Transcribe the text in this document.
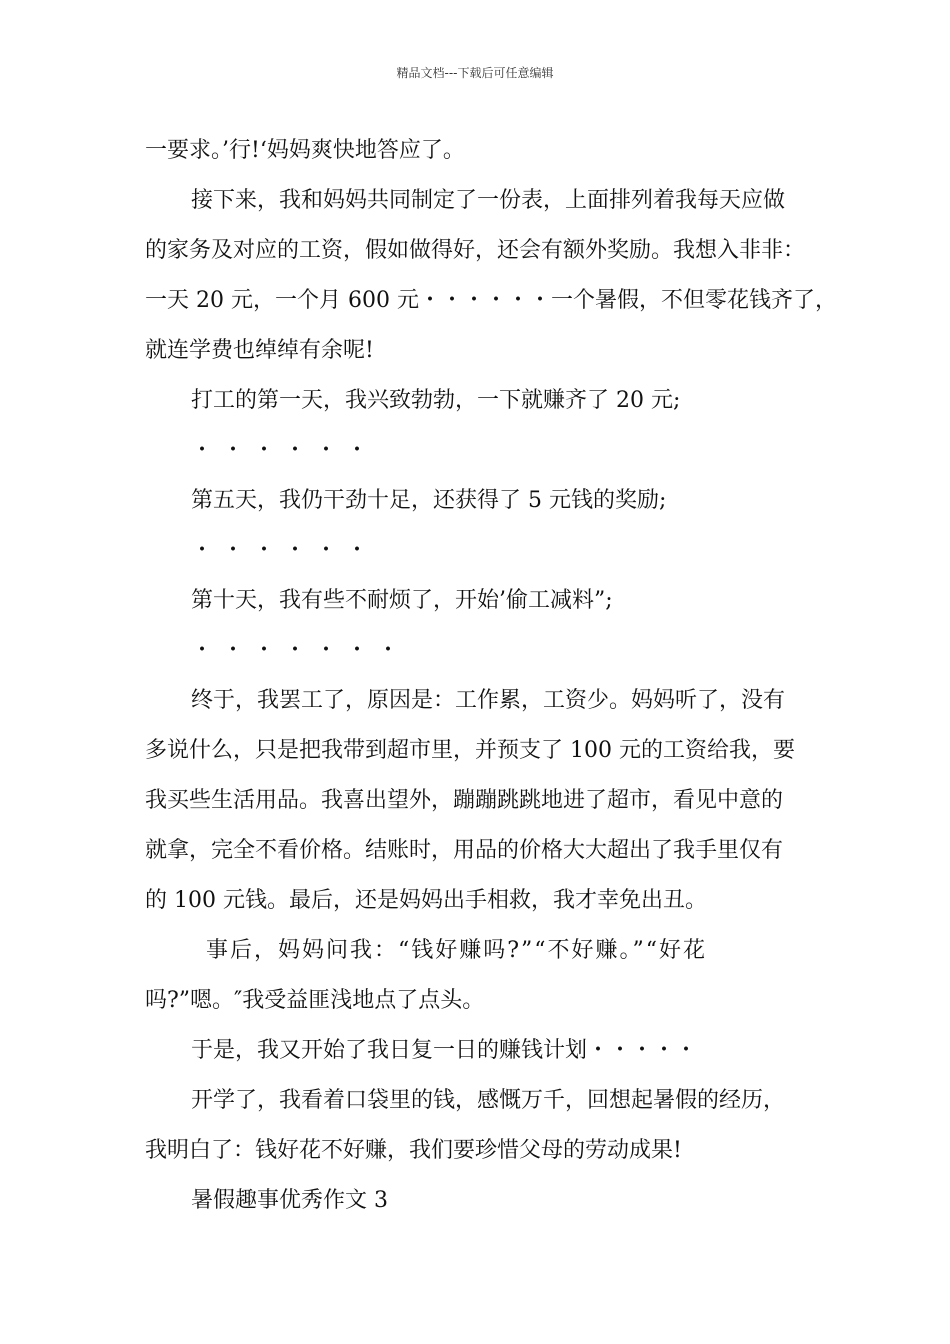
精品文档---下载后可任意编辑
一要求。’行!‘妈妈爽快地答应了。
接下来，我和妈妈共同制定了一份表，上面排列着我每天应做
的家务及对应的工资，假如做得好，还会有额外奖励。我想入非非：
一天 20 元，一个月 600 元・・・・・・一个暑假，不但零花钱齐了，
就连学费也绰绰有余呢!
打工的第一天，我兴致勃勃，一下就赚齐了 20 元;
・・・・・・
第五天，我仍干劲十足，还获得了 5 元钱的奖励;
・・・・・・
第十天，我有些不耐烦了，开始’偷工减料”;
・・・・・・・
终于，我罢工了，原因是：工作累，工资少。妈妈听了，没有
多说什么，只是把我带到超市里，并预支了 100 元的工资给我，要
我买些生活用品。我喜出望外，蹦蹦跳跳地进了超市，看见中意的
就拿，完全不看价格。结账时，用品的价格大大超出了我手里仅有
的 100 元钱。最后，还是妈妈出手相救，我才幸免出丑。
事后，妈妈问我：“钱好赚吗?”“不好赚。”“好花
吗?”嗯。″我受益匪浅地点了点头。
于是，我又开始了我日复一日的赚钱计划・・・・・
开学了，我看着口袋里的钱，感慨万千，回想起暑假的经历，
我明白了：钱好花不好赚，我们要珍惜父母的劳动成果!
暑假趣事优秀作文 3
